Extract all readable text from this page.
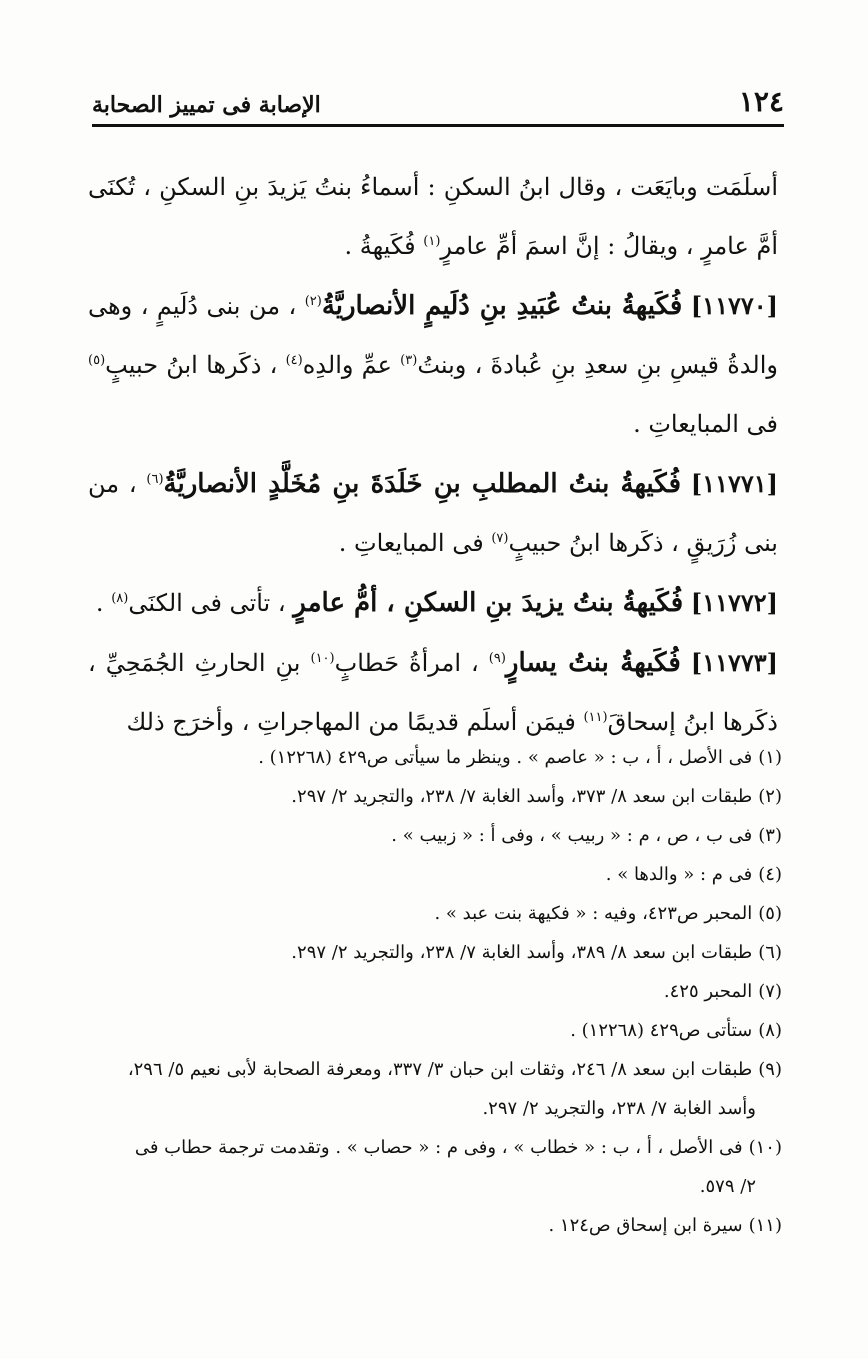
١٢٤
الإصابة فى تمييز الصحابة

أسلَمَت وبايَعَت ، وقال ابنُ السكنِ : أسماءُ بنتُ يَزيدَ بنِ السكنِ ، تُكنَى أمَّ عامرٍ ، ويقالُ : إنَّ اسمَ أمِّ عامرٍ$^{(١)}$ فُكَيهةُ .

[١١٧٧٠] فُكَيهةُ بنتُ عُبَيدِ بنِ دُلَيمٍ الأنصاريَّةُ$^{(٢)}$ ، من بنى دُلَيمٍ ، وهى والدةُ قيسِ بنِ سعدِ بنِ عُبادةَ ، وبنتُ$^{(٣)}$ عمِّ والدِه$^{(٤)}$ ، ذكَرها ابنُ حبيبٍ$^{(٥)}$ فى المبايعاتِ .

[١١٧٧١] فُكَيهةُ بنتُ المطلبِ بنِ خَلَدَةَ بنِ مُخَلَّدٍ الأنصاريَّةُ$^{(٦)}$ ، من بنى زُرَيقٍ ، ذكَرها ابنُ حبيبٍ$^{(٧)}$ فى المبايعاتِ .

[١١٧٧٢] فُكَيهةُ بنتُ يزيدَ بنِ السكنِ ، أمُّ عامرٍ ، تأتى فى الكنَى$^{(٨)}$ .

[١١٧٧٣] فُكَيهةُ بنتُ يسارٍ$^{(٩)}$ ، امرأةُ حَطابٍ$^{(١٠)}$ بنِ الحارثِ الجُمَحِيِّ ، ذكَرها ابنُ إسحاقَ$^{(١١)}$ فيمَن أسلَم قديمًا من المهاجراتِ ، وأخرَج ذلك

(١)فى الأصل ، أ ، ب : « عاصم » . وينظر ما سيأتى ص٤٢٩ (١٢٢٦٨) .

(٢)طبقات ابن سعد ٨/ ٣٧٣، وأسد الغابة ٧/ ٢٣٨، والتجريد ٢/ ٢٩٧.

(٣)فى ب ، ص ، م : « ربيب » ، وفى أ : « زبيب » .

(٤)فى م : « والدها » .

(٥)المحبر ص٤٢٣، وفيه : « فكيهة بنت عبد » .

(٦)طبقات ابن سعد ٨/ ٣٨٩، وأسد الغابة ٧/ ٢٣٨، والتجريد ٢/ ٢٩٧.

(٧)المحبر ٤٢٥.

(٨)ستأتى ص٤٢٩ (١٢٢٦٨) .

(٩)طبقات ابن سعد ٨/ ٢٤٦، وثقات ابن حبان ٣/ ٣٣٧، ومعرفة الصحابة لأبى نعيم ٥/ ٢٩٦،

وأسد الغابة ٧/ ٢٣٨، والتجريد ٢/ ٢٩٧.

(١٠)فى الأصل ، أ ، ب : « خطاب » ، وفى م : « حصاب » . وتقدمت ترجمة حطاب فى

٢/ ٥٧٩.

(١١)سيرة ابن إسحاق ص١٢٤ .
